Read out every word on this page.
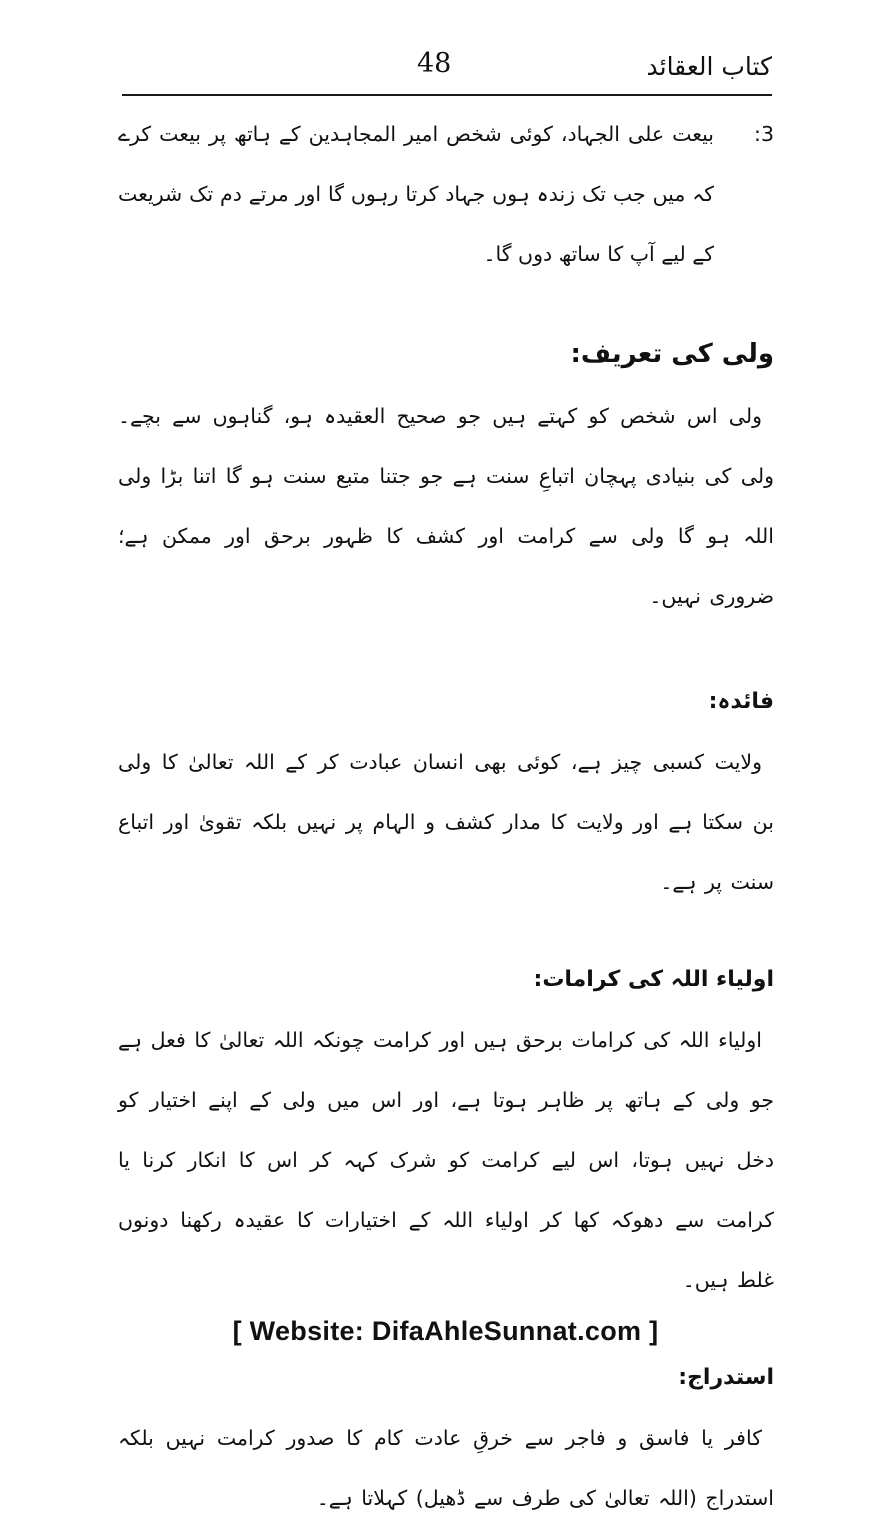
کتاب العقائد
48
3:

بیعت علی الجہاد، کوئی شخص امیر المجاہدین کے ہاتھ پر بیعت کرے کہ میں جب تک زندہ ہوں جہاد کرتا رہوں گا اور مرتے دم تک شریعت کے لیے آپ کا ساتھ دوں گا۔

ولی کی تعریف:

ولی اس شخص کو کہتے ہیں جو صحیح العقیدہ ہو، گناہوں سے بچے۔ ولی کی بنیادی پہچان اتباعِ سنت ہے جو جتنا متبع سنت ہو گا اتنا بڑا ولی اللہ ہو گا ولی سے کرامت اور کشف کا ظہور برحق اور ممکن ہے؛ ضروری نہیں۔

فائدہ:

ولایت کسبی چیز ہے، کوئی بھی انسان عبادت کر کے اللہ تعالیٰ کا ولی بن سکتا ہے اور ولایت کا مدار کشف و الہام پر نہیں بلکہ تقویٰ اور اتباع سنت پر ہے۔

اولیاء اللہ کی کرامات:

اولیاء اللہ کی کرامات برحق ہیں اور کرامت چونکہ اللہ تعالیٰ کا فعل ہے جو ولی کے ہاتھ پر ظاہر ہوتا ہے، اور اس میں ولی کے اپنے اختیار کو دخل نہیں ہوتا، اس لیے کرامت کو شرک کہہ کر اس کا انکار کرنا یا کرامت سے دھوکہ کھا کر اولیاء اللہ کے اختیارات کا عقیدہ رکھنا دونوں غلط ہیں۔

استدراج:

کافر یا فاسق و فاجر سے خرقِ عادت کام کا صدور کرامت نہیں بلکہ استدراج (اللہ تعالیٰ کی طرف سے ڈھیل) کہلاتا ہے۔

[ Website: DifaAhleSunnat.com ]
